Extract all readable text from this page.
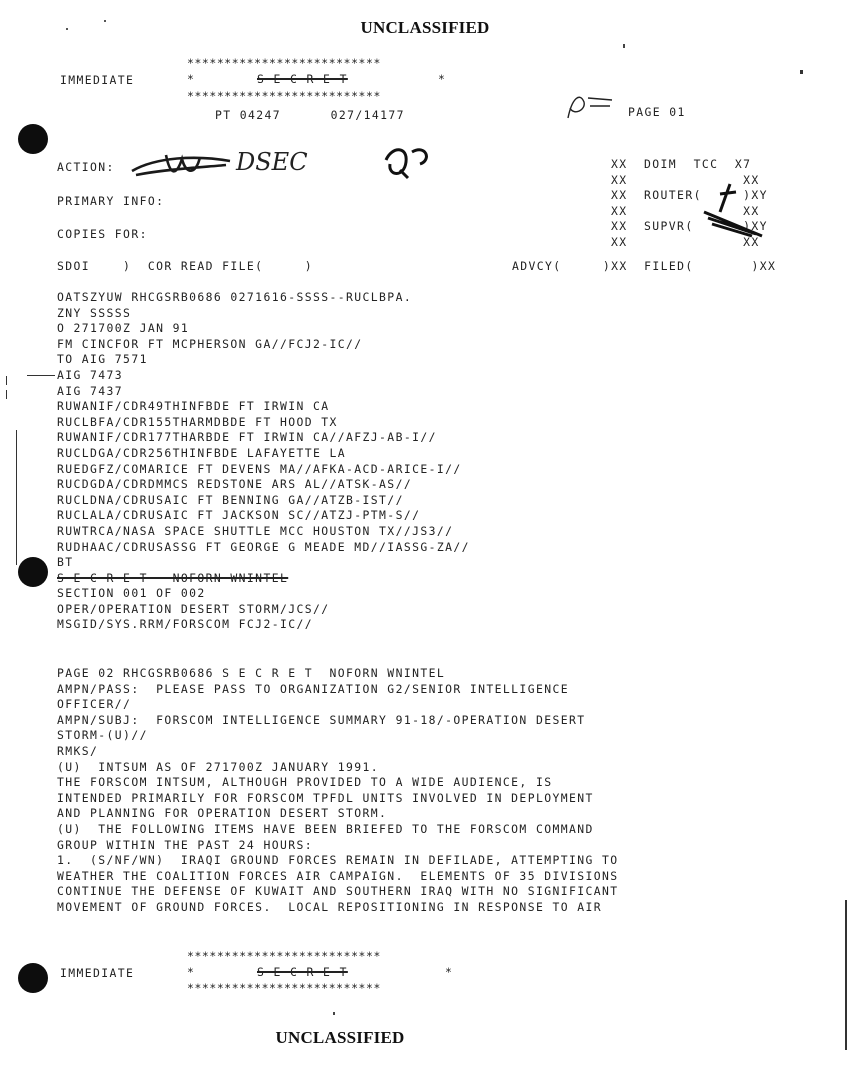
UNCLASSIFIED
IMMEDIATE
**************************
*	S E C R E T	*
**************************
PT 04247      027/14177	PAGE 01
ACTION:	DSEC
PRIMARY INFO:
COPIES FOR:
SDOI    )  COR READ FILE(     )	ADVCY(     )XX  FILED(       )XX
XX  DOIM  TCC  X7
XX              XX
XX  ROUTER(     )XY
XX              XX
XX  SUPVR(      )XY
XX              XX
OATSZYUW RHCGSRB0686 0271616-SSSS--RUCLBPA.
ZNY SSSSS
O 271700Z JAN 91
FM CINCFOR FT MCPHERSON GA//FCJ2-IC//
TO AIG 7571
AIG 7473
AIG 7437
RUWANIF/CDR49THINFBDE FT IRWIN CA
RUCLBFA/CDR155THARMDBDE FT HOOD TX
RUWANIF/CDR177THARBDE FT IRWIN CA//AFZJ-AB-I//
RUCLDGA/CDR256THINFBDE LAFAYETTE LA
RUEDGFZ/COMARICE FT DEVENS MA//AFKA-ACD-ARICE-I//
RUCDGDA/CDRDMMCS REDSTONE ARS AL//ATSK-AS//
RUCLDNA/CDRUSAIC FT BENNING GA//ATZB-IST//
RUCLALA/CDRUSAIC FT JACKSON SC//ATZJ-PTM-S//
RUWTRCA/NASA SPACE SHUTTLE MCC HOUSTON TX//JS3//
RUDHAAC/CDRUSASSG FT GEORGE G MEADE MD//IASSG-ZA//
BT
S E C R E T   NOFORN WNINTEL
SECTION 001 OF 002
OPER/OPERATION DESERT STORM/JCS//
MSGID/SYS.RRM/FORSCOM FCJ2-IC//
PAGE 02 RHCGSRB0686 S E C R E T  NOFORN WNINTEL
AMPN/PASS:  PLEASE PASS TO ORGANIZATION G2/SENIOR INTELLIGENCE
OFFICER//
AMPN/SUBJ:  FORSCOM INTELLIGENCE SUMMARY 91-18/-OPERATION DESERT
STORM-(U)//
RMKS/
(U)  INTSUM AS OF 271700Z JANUARY 1991.
THE FORSCOM INTSUM, ALTHOUGH PROVIDED TO A WIDE AUDIENCE, IS
INTENDED PRIMARILY FOR FORSCOM TPFDL UNITS INVOLVED IN DEPLOYMENT
AND PLANNING FOR OPERATION DESERT STORM.
(U)  THE FOLLOWING ITEMS HAVE BEEN BRIEFED TO THE FORSCOM COMMAND
GROUP WITHIN THE PAST 24 HOURS:
1.  (S/NF/WN)  IRAQI GROUND FORCES REMAIN IN DEFILADE, ATTEMPTING TO
WEATHER THE COALITION FORCES AIR CAMPAIGN.  ELEMENTS OF 35 DIVISIONS
CONTINUE THE DEFENSE OF KUWAIT AND SOUTHERN IRAQ WITH NO SIGNIFICANT
MOVEMENT OF GROUND FORCES.  LOCAL REPOSITIONING IN RESPONSE TO AIR
IMMEDIATE
**************************
*	S E C R E T	*
**************************
UNCLASSIFIED
